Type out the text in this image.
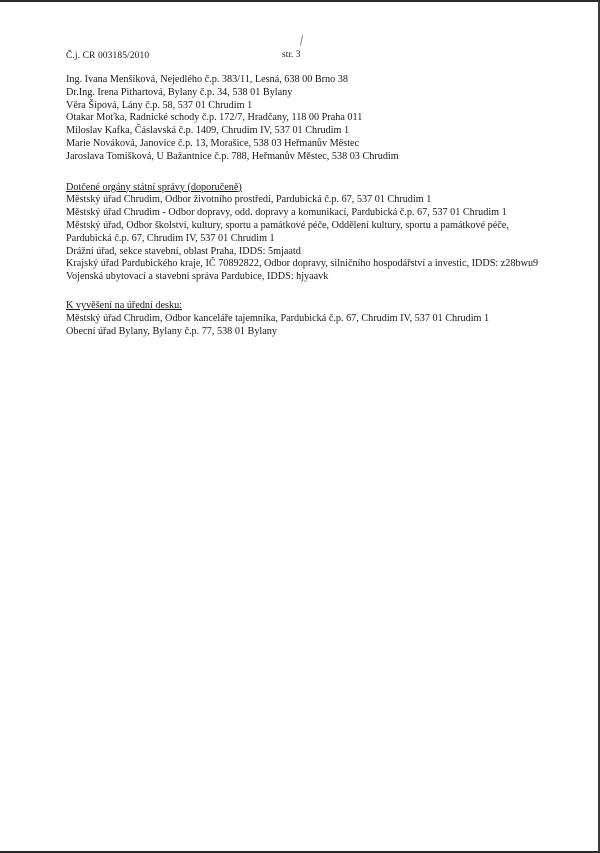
Č.j. CR 003185/2010	str. 3
Ing. Ivana Menšíková, Nejedlého č.p. 383/11, Lesná, 638 00 Brno 38
Dr.Ing. Irena Pithartová, Bylany č.p. 34, 538 01 Bylany
Věra Šípová, Lány č.p. 58, 537 01 Chrudim 1
Otakar Moťka, Radnické schody č.p. 172/7, Hradčany, 118 00 Praha 011
Miloslav Kafka, Čáslavská č.p. 1409, Chrudim IV, 537 01 Chrudim 1
Marie Nováková, Janovice č.p. 13, Morašice, 538 03 Heřmanův Městec
Jaroslava Tomišková, U Bažantnice č.p. 788, Heřmanův Městec, 538 03 Chrudim
Dotčené orgány státní správy (doporučeně)
Městský úřad Chrudim, Odbor životního prostředí, Pardubická č.p. 67, 537 01 Chrudim 1
Městský úřad Chrudim - Odbor dopravy, odd. dopravy a komunikací, Pardubická č.p. 67, 537 01 Chrudim 1
Městský úřad, Odbor školství, kultury, sportu a památkové péče, Oddělení kultury, sportu a památkové péče, Pardubická č.p. 67, Chrudim IV, 537 01 Chrudim 1
Drážní úřad, sekce stavební, oblast Praha, IDDS: 5mjaatd
Krajský úřad Pardubického kraje, IČ 70892822, Odbor dopravy, silničního hospodářství a investic, IDDS: z28bwu9
Vojenská ubytovací a stavební správa Pardubice, IDDS: hjyaavk
K vyvěšení na úřední desku:
Městský úřad Chrudim, Odbor kanceláře tajemníka, Pardubická č.p. 67, Chrudim IV, 537 01 Chrudim 1
Obecní úřad Bylany, Bylany č.p. 77, 538 01 Bylany
